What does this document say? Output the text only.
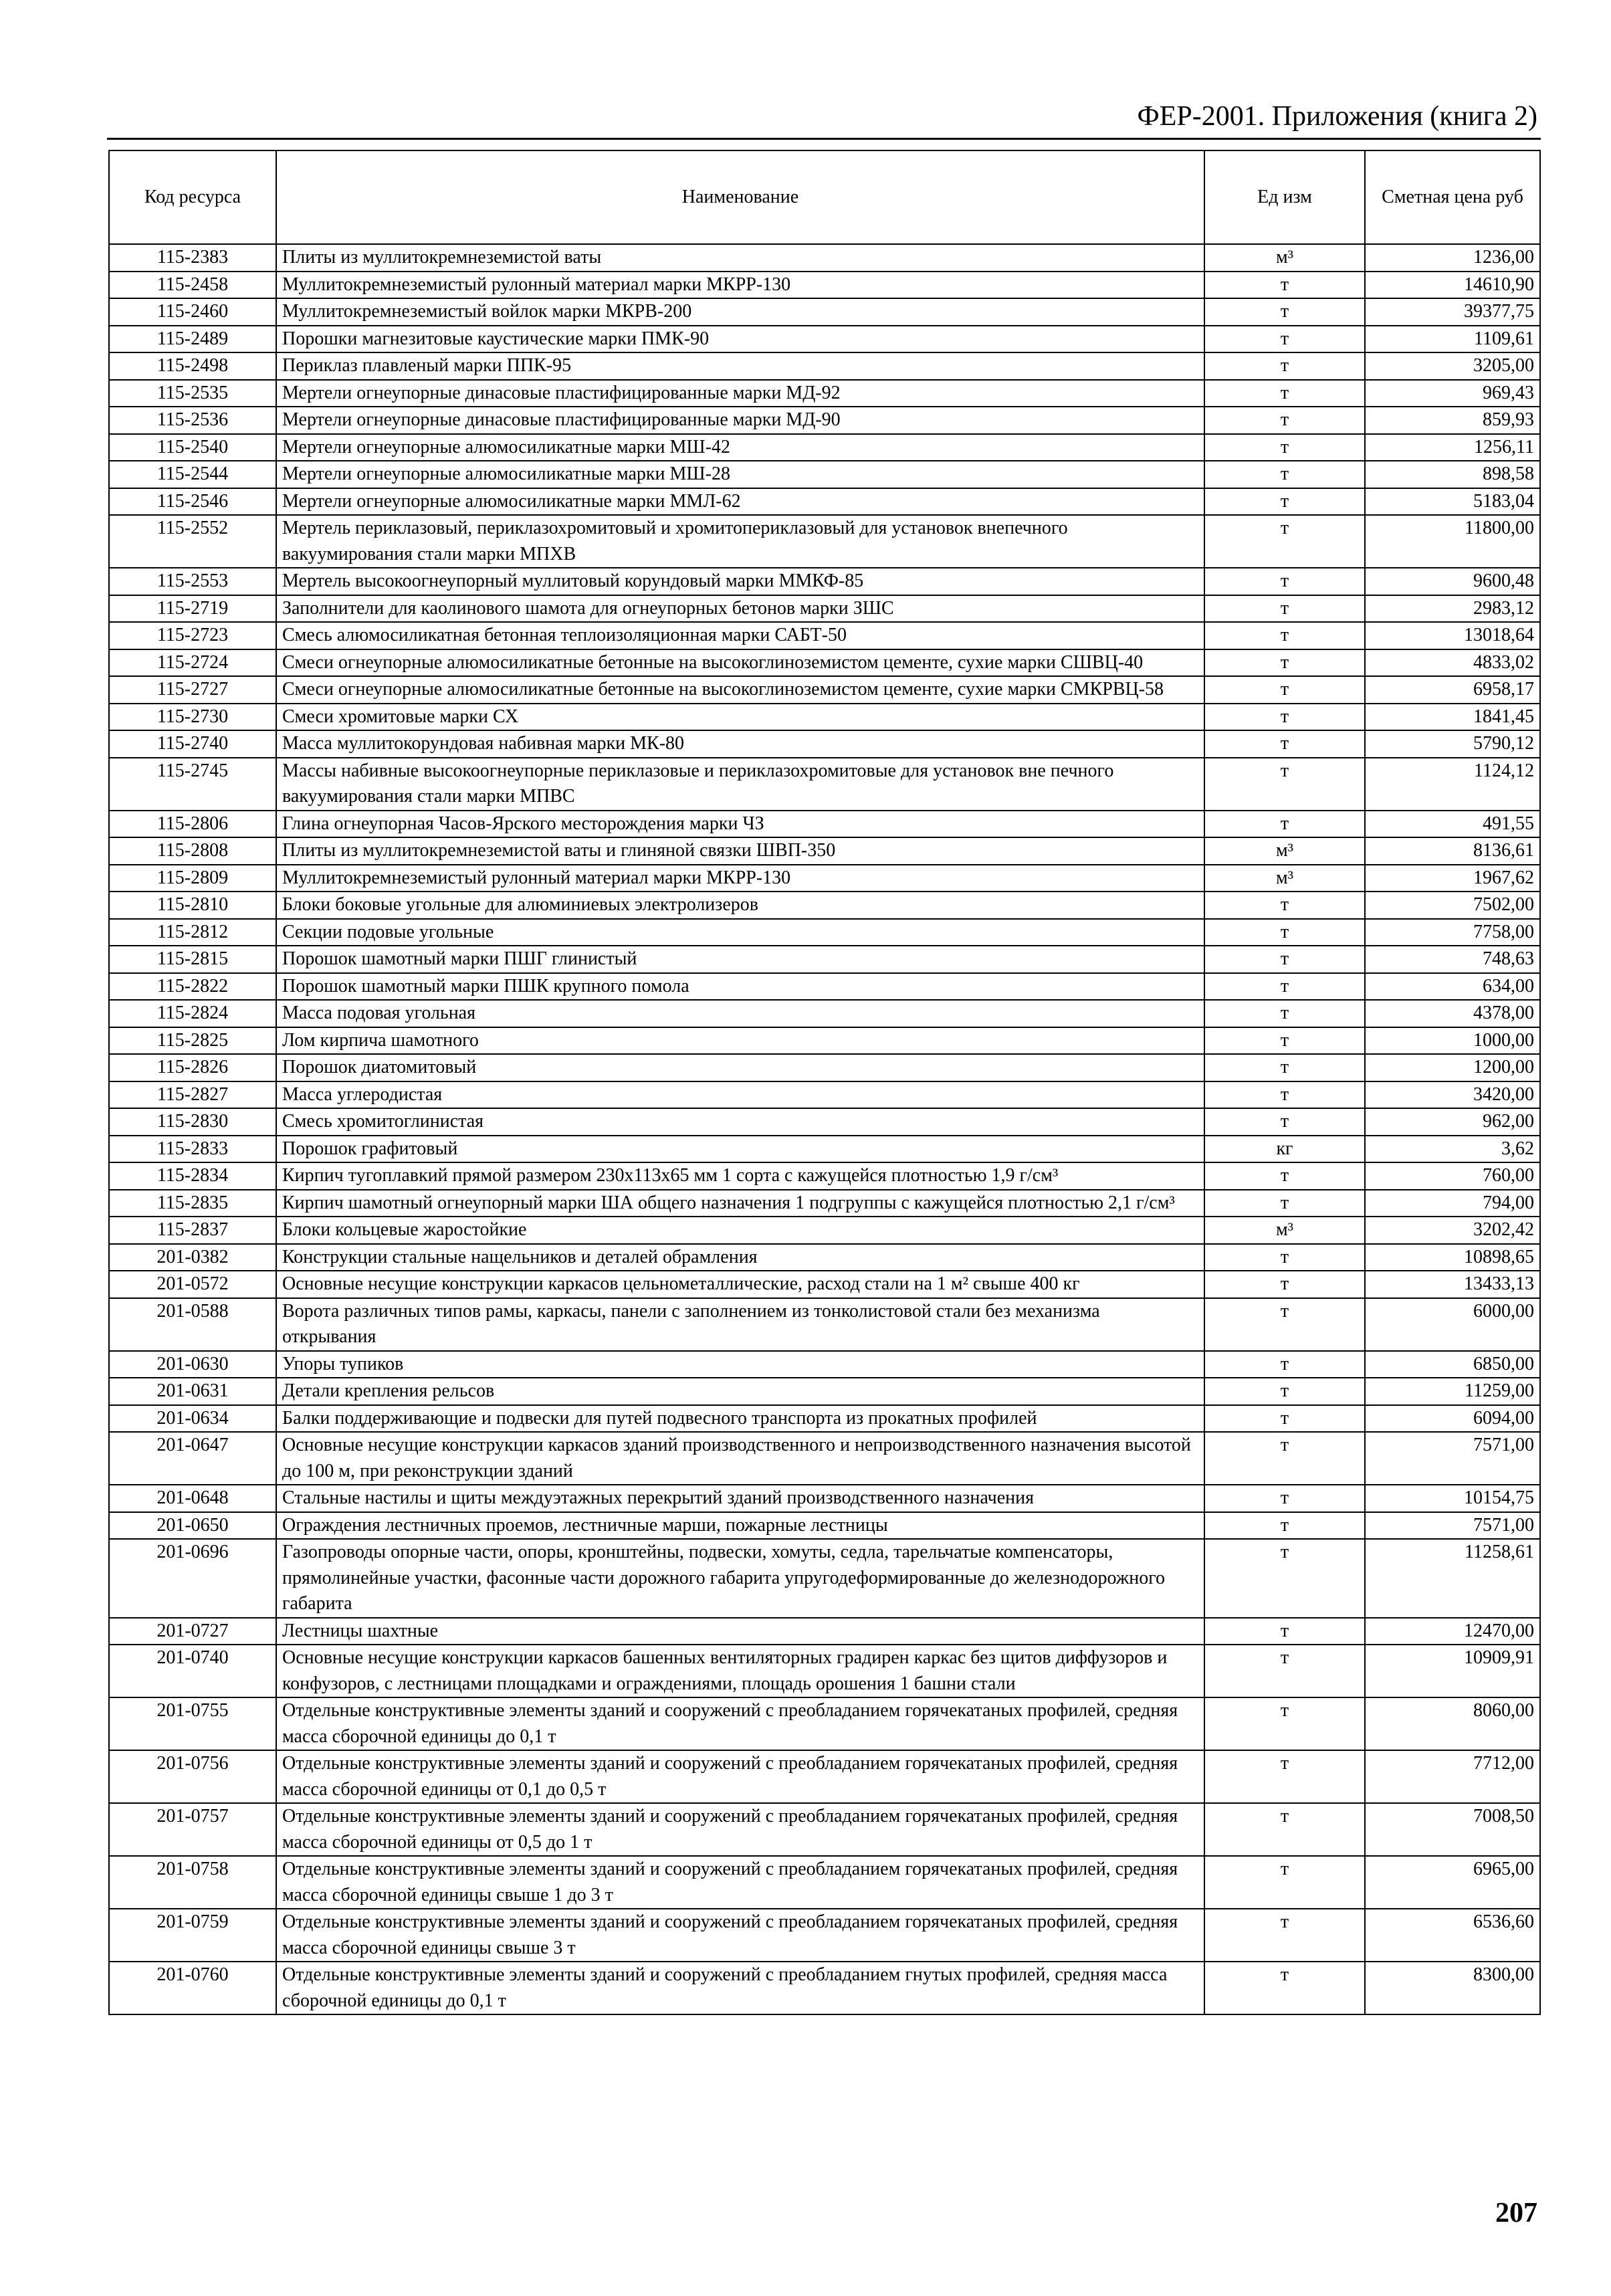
ФЕР-2001. Приложения (книга 2)
Код ресурса	Наименование	Ед изм	Сметная цена руб
115-2383	Плиты из муллитокремнеземистой ваты	м³	1236,00
115-2458	Муллитокремнеземистый рулонный материал марки МКРР-130	т	14610,90
115-2460	Муллитокремнеземистый войлок марки МКРВ-200	т	39377,75
115-2489	Порошки магнезитовые каустические марки ПМК-90	т	1109,61
115-2498	Периклаз плавленый марки ППК-95	т	3205,00
115-2535	Мертели огнеупорные динасовые пластифицированные марки МД-92	т	969,43
115-2536	Мертели огнеупорные динасовые пластифицированные марки МД-90	т	859,93
115-2540	Мертели огнеупорные алюмосиликатные марки МШ-42	т	1256,11
115-2544	Мертели огнеупорные алюмосиликатные марки МШ-28	т	898,58
115-2546	Мертели огнеупорные алюмосиликатные марки ММЛ-62	т	5183,04
115-2552	Мертель периклазовый, периклазохромитовый и хромитопериклазовый для установок внепечного вакуумирования стали марки МПХВ	т	11800,00
115-2553	Мертель высокоогнеупорный муллитовый корундовый марки ММКФ-85	т	9600,48
115-2719	Заполнители для каолинового шамота для огнеупорных бетонов марки ЗШС	т	2983,12
115-2723	Смесь алюмосиликатная бетонная теплоизоляционная марки САБТ-50	т	13018,64
115-2724	Смеси огнеупорные алюмосиликатные бетонные на высокоглиноземистом цементе, сухие марки СШВЦ-40	т	4833,02
115-2727	Смеси огнеупорные алюмосиликатные бетонные на высокоглиноземистом цементе, сухие марки СМКРВЦ-58	т	6958,17
115-2730	Смеси хромитовые марки СХ	т	1841,45
115-2740	Масса муллитокорундовая набивная марки МК-80	т	5790,12
115-2745	Массы набивные высокоогнеупорные периклазовые и периклазохромитовые для установок вне печного вакуумирования стали марки МПВС	т	1124,12
115-2806	Глина огнеупорная Часов-Ярского месторождения марки ЧЗ	т	491,55
115-2808	Плиты из муллитокремнеземистой ваты и глиняной связки ШВП-350	м³	8136,61
115-2809	Муллитокремнеземистый рулонный материал марки МКРР-130	м³	1967,62
115-2810	Блоки боковые угольные для алюминиевых электролизеров	т	7502,00
115-2812	Секции подовые угольные	т	7758,00
115-2815	Порошок шамотный марки ПШГ глинистый	т	748,63
115-2822	Порошок шамотный марки ПШК крупного помола	т	634,00
115-2824	Масса подовая угольная	т	4378,00
115-2825	Лом кирпича шамотного	т	1000,00
115-2826	Порошок диатомитовый	т	1200,00
115-2827	Масса углеродистая	т	3420,00
115-2830	Смесь хромитоглинистая	т	962,00
115-2833	Порошок графитовый	кг	3,62
115-2834	Кирпич тугоплавкий прямой размером 230х113х65 мм 1 сорта с кажущейся плотностью 1,9 г/см³	т	760,00
115-2835	Кирпич шамотный огнеупорный марки ША общего назначения 1 подгруппы с кажущейся плотностью 2,1 г/см³	т	794,00
115-2837	Блоки кольцевые жаростойкие	м³	3202,42
201-0382	Конструкции стальные нащельников и деталей обрамления	т	10898,65
201-0572	Основные несущие конструкции каркасов цельнометаллические, расход стали на 1 м² свыше 400 кг	т	13433,13
201-0588	Ворота различных типов рамы, каркасы, панели с заполнением из тонколистовой стали без механизма открывания	т	6000,00
201-0630	Упоры тупиков	т	6850,00
201-0631	Детали крепления рельсов	т	11259,00
201-0634	Балки поддерживающие и подвески для путей подвесного транспорта из прокатных профилей	т	6094,00
201-0647	Основные несущие конструкции каркасов зданий производственного и непроизводственного назначения высотой до 100 м, при реконструкции зданий	т	7571,00
201-0648	Стальные настилы и щиты междуэтажных перекрытий зданий производственного назначения	т	10154,75
201-0650	Ограждения лестничных проемов, лестничные марши, пожарные лестницы	т	7571,00
201-0696	Газопроводы опорные части, опоры, кронштейны, подвески, хомуты, седла, тарельчатые компенсаторы, прямолинейные участки, фасонные части дорожного габарита упругодеформированные до железнодорожного габарита	т	11258,61
201-0727	Лестницы шахтные	т	12470,00
201-0740	Основные несущие конструкции каркасов башенных вентиляторных градирен каркас без щитов диффузоров и конфузоров, с лестницами площадками и ограждениями, площадь орошения 1 башни стали	т	10909,91
201-0755	Отдельные конструктивные элементы зданий и сооружений с преобладанием горячекатаных профилей, средняя масса сборочной единицы до 0,1 т	т	8060,00
201-0756	Отдельные конструктивные элементы зданий и сооружений с преобладанием горячекатаных профилей, средняя масса сборочной единицы от 0,1 до 0,5 т	т	7712,00
201-0757	Отдельные конструктивные элементы зданий и сооружений с преобладанием горячекатаных профилей, средняя масса сборочной единицы от 0,5 до 1 т	т	7008,50
201-0758	Отдельные конструктивные элементы зданий и сооружений с преобладанием горячекатаных профилей, средняя масса сборочной единицы свыше 1 до 3 т	т	6965,00
201-0759	Отдельные конструктивные элементы зданий и сооружений с преобладанием горячекатаных профилей, средняя масса сборочной единицы свыше 3 т	т	6536,60
201-0760	Отдельные конструктивные элементы зданий и сооружений с преобладанием гнутых профилей, средняя масса сборочной единицы до 0,1 т	т	8300,00
207
